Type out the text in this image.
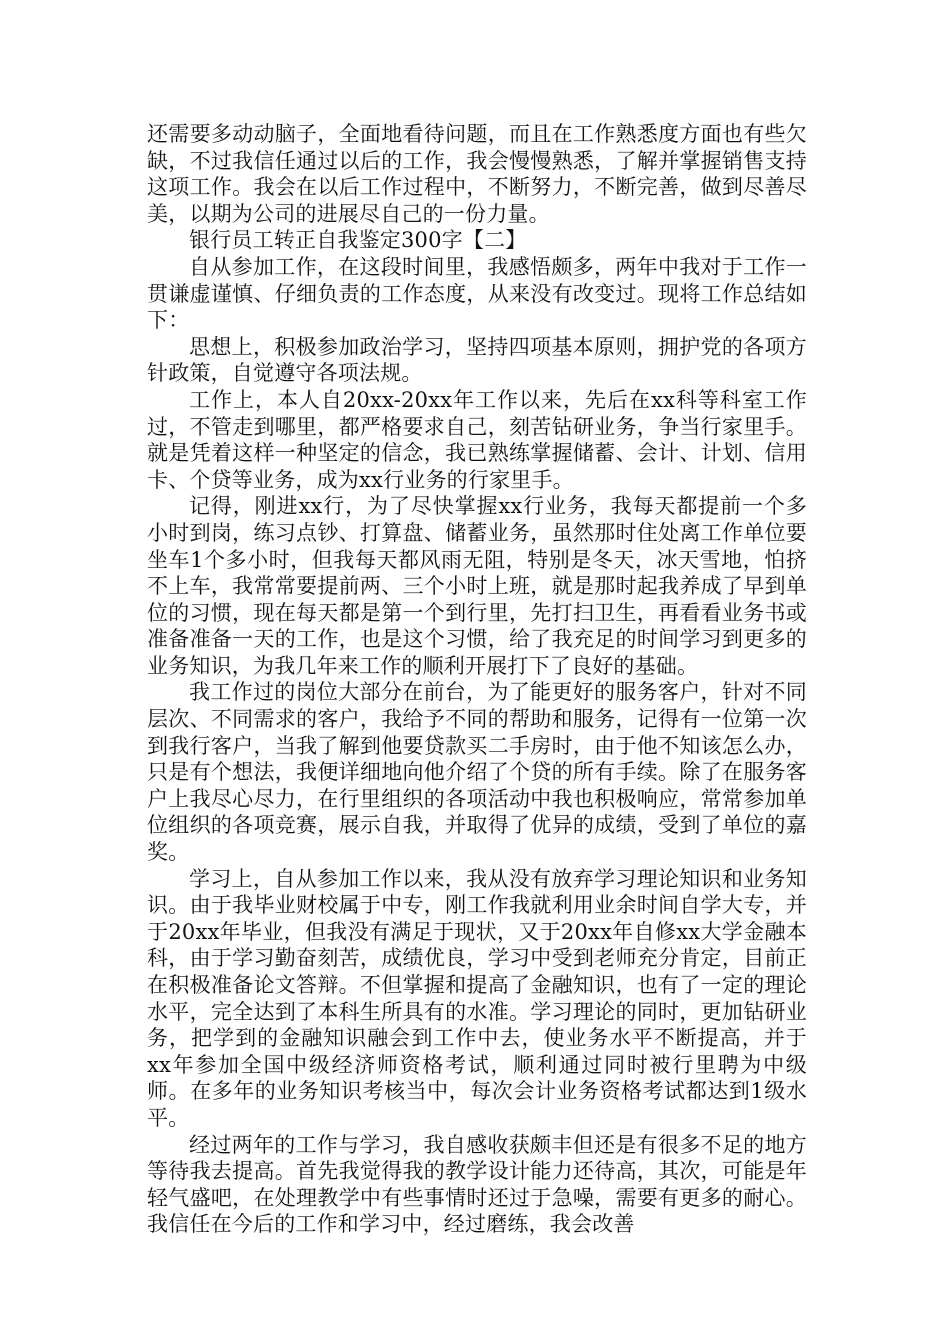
还需要多动动脑子，全面地看待问题，而且在工作熟悉度方面也有些欠缺，不过我信任通过以后的工作，我会慢慢熟悉，了解并掌握销售支持这项工作。我会在以后工作过程中，不断努力，不断完善，做到尽善尽美，以期为公司的进展尽自己的一份力量。

银行员工转正自我鉴定300字【二】

自从参加工作，在这段时间里，我感悟颇多，两年中我对于工作一贯谦虚谨慎、仔细负责的工作态度，从来没有改变过。现将工作总结如下：

思想上，积极参加政治学习，坚持四项基本原则，拥护党的各项方针政策，自觉遵守各项法规。

工作上，本人自20xx-20xx年工作以来，先后在xx科等科室工作过，不管走到哪里，都严格要求自己，刻苦钻研业务，争当行家里手。就是凭着这样一种坚定的信念，我已熟练掌握储蓄、会计、计划、信用卡、个贷等业务，成为xx行业务的行家里手。

记得，刚进xx行，为了尽快掌握xx行业务，我每天都提前一个多小时到岗，练习点钞、打算盘、储蓄业务，虽然那时住处离工作单位要坐车1个多小时，但我每天都风雨无阻，特别是冬天，冰天雪地，怕挤不上车，我常常要提前两、三个小时上班，就是那时起我养成了早到单位的习惯，现在每天都是第一个到行里，先打扫卫生，再看看业务书或准备准备一天的工作，也是这个习惯，给了我充足的时间学习到更多的业务知识，为我几年来工作的顺利开展打下了良好的基础。

我工作过的岗位大部分在前台，为了能更好的服务客户，针对不同层次、不同需求的客户，我给予不同的帮助和服务，记得有一位第一次到我行客户，当我了解到他要贷款买二手房时，由于他不知该怎么办，只是有个想法，我便详细地向他介绍了个贷的所有手续。除了在服务客户上我尽心尽力，在行里组织的各项活动中我也积极响应，常常参加单位组织的各项竞赛，展示自我，并取得了优异的成绩，受到了单位的嘉奖。

学习上，自从参加工作以来，我从没有放弃学习理论知识和业务知识。由于我毕业财校属于中专，刚工作我就利用业余时间自学大专，并于20xx年毕业，但我没有满足于现状，又于20xx年自修xx大学金融本科，由于学习勤奋刻苦，成绩优良，学习中受到老师充分肯定，目前正在积极准备论文答辩。不但掌握和提高了金融知识，也有了一定的理论水平，完全达到了本科生所具有的水准。学习理论的同时，更加钻研业务，把学到的金融知识融会到工作中去，使业务水平不断提高，并于xx年参加全国中级经济师资格考试，顺利通过同时被行里聘为中级师。在多年的业务知识考核当中，每次会计业务资格考试都达到1级水平。

经过两年的工作与学习，我自感收获颇丰但还是有很多不足的地方等待我去提高。首先我觉得我的教学设计能力还待高，其次，可能是年轻气盛吧，在处理教学中有些事情时还过于急噪，需要有更多的耐心。我信任在今后的工作和学习中，经过磨练，我会改善
